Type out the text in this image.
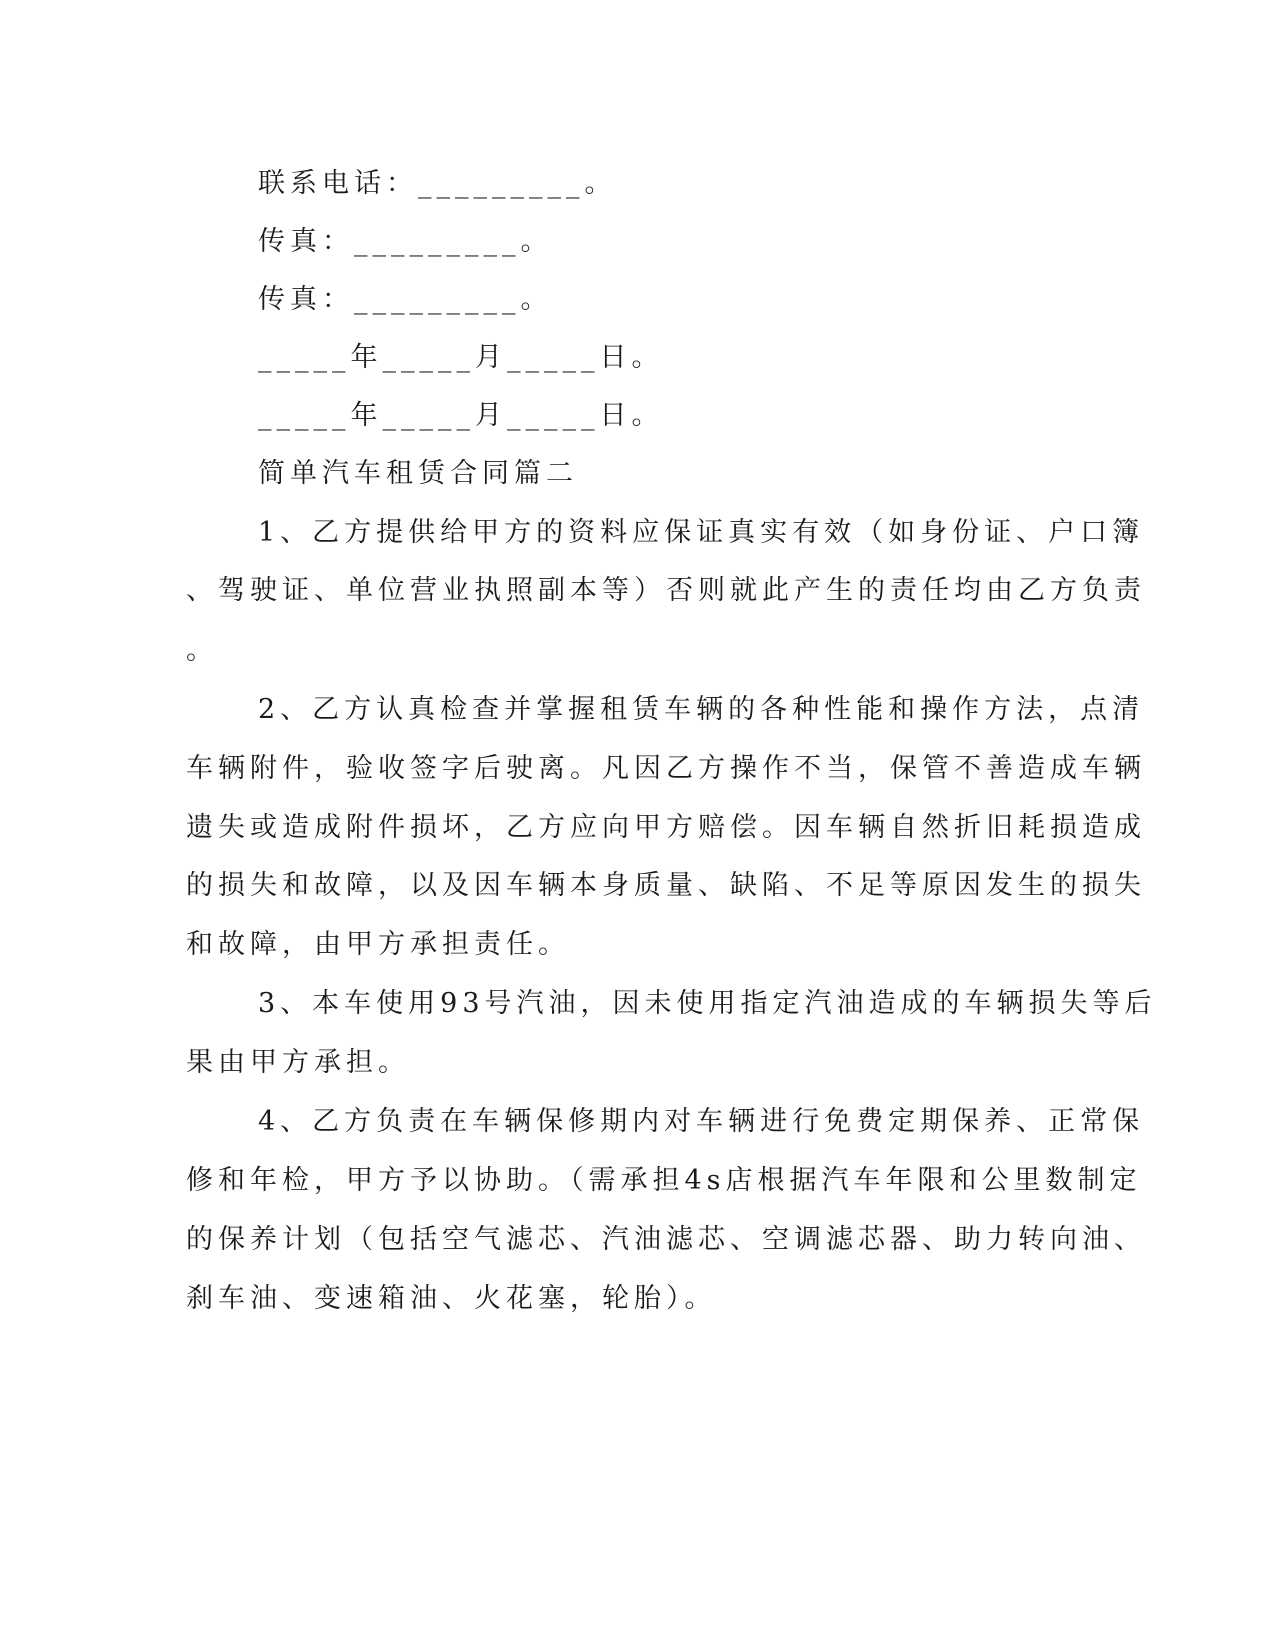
联系电话：_________。
传真：_________。
传真：_________。
_____年_____月_____日。
_____年_____月_____日。
简单汽车租赁合同篇二
1、乙方提供给甲方的资料应保证真实有效（如身份证、户口簿
、驾驶证、单位营业执照副本等）否则就此产生的责任均由乙方负责
。
2、乙方认真检查并掌握租赁车辆的各种性能和操作方法，点清
车辆附件，验收签字后驶离。凡因乙方操作不当，保管不善造成车辆
遗失或造成附件损坏，乙方应向甲方赔偿。因车辆自然折旧耗损造成
的损失和故障，以及因车辆本身质量、缺陷、不足等原因发生的损失
和故障，由甲方承担责任。
3、本车使用93号汽油，因未使用指定汽油造成的车辆损失等后
果由甲方承担。
4、乙方负责在车辆保修期内对车辆进行免费定期保养、正常保
修和年检，甲方予以协助。（需承担4s店根据汽车年限和公里数制定
的保养计划（包括空气滤芯、汽油滤芯、空调滤芯器、助力转向油、
刹车油、变速箱油、火花塞，轮胎）。
